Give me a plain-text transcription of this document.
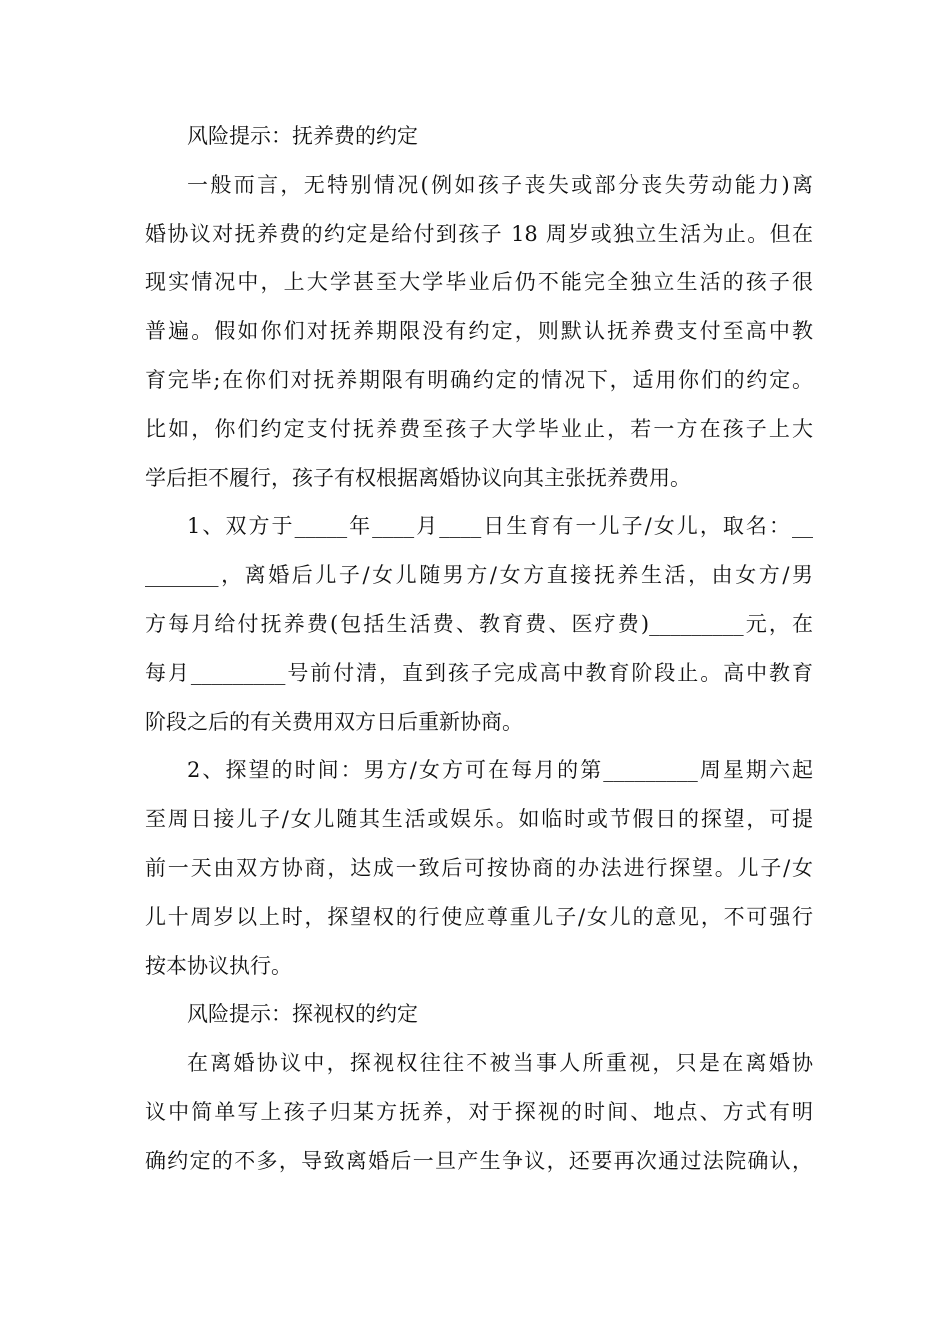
风险提示：抚养费的约定
一般而言，无特别情况(例如孩子丧失或部分丧失劳动能力)离
婚协议对抚养费的约定是给付到孩子 18 周岁或独立生活为止。但在
现实情况中，上大学甚至大学毕业后仍不能完全独立生活的孩子很
普遍。假如你们对抚养期限没有约定，则默认抚养费支付至高中教
育完毕;在你们对抚养期限有明确约定的情况下，适用你们的约定。
比如，你们约定支付抚养费至孩子大学毕业止，若一方在孩子上大
学后拒不履行，孩子有权根据离婚协议向其主张抚养费用。
1、双方于_____年____月____日生育有一儿子/女儿，取名：__
_______，离婚后儿子/女儿随男方/女方直接抚养生活，由女方/男
方每月给付抚养费(包括生活费、教育费、医疗费)_________元，在
每月_________号前付清，直到孩子完成高中教育阶段止。高中教育
阶段之后的有关费用双方日后重新协商。
2、探望的时间：男方/女方可在每月的第_________周星期六起
至周日接儿子/女儿随其生活或娱乐。如临时或节假日的探望，可提
前一天由双方协商，达成一致后可按协商的办法进行探望。儿子/女
儿十周岁以上时，探望权的行使应尊重儿子/女儿的意见，不可强行
按本协议执行。
风险提示：探视权的约定
在离婚协议中，探视权往往不被当事人所重视，只是在离婚协
议中简单写上孩子归某方抚养，对于探视的时间、地点、方式有明
确约定的不多，导致离婚后一旦产生争议，还要再次通过法院确认，
